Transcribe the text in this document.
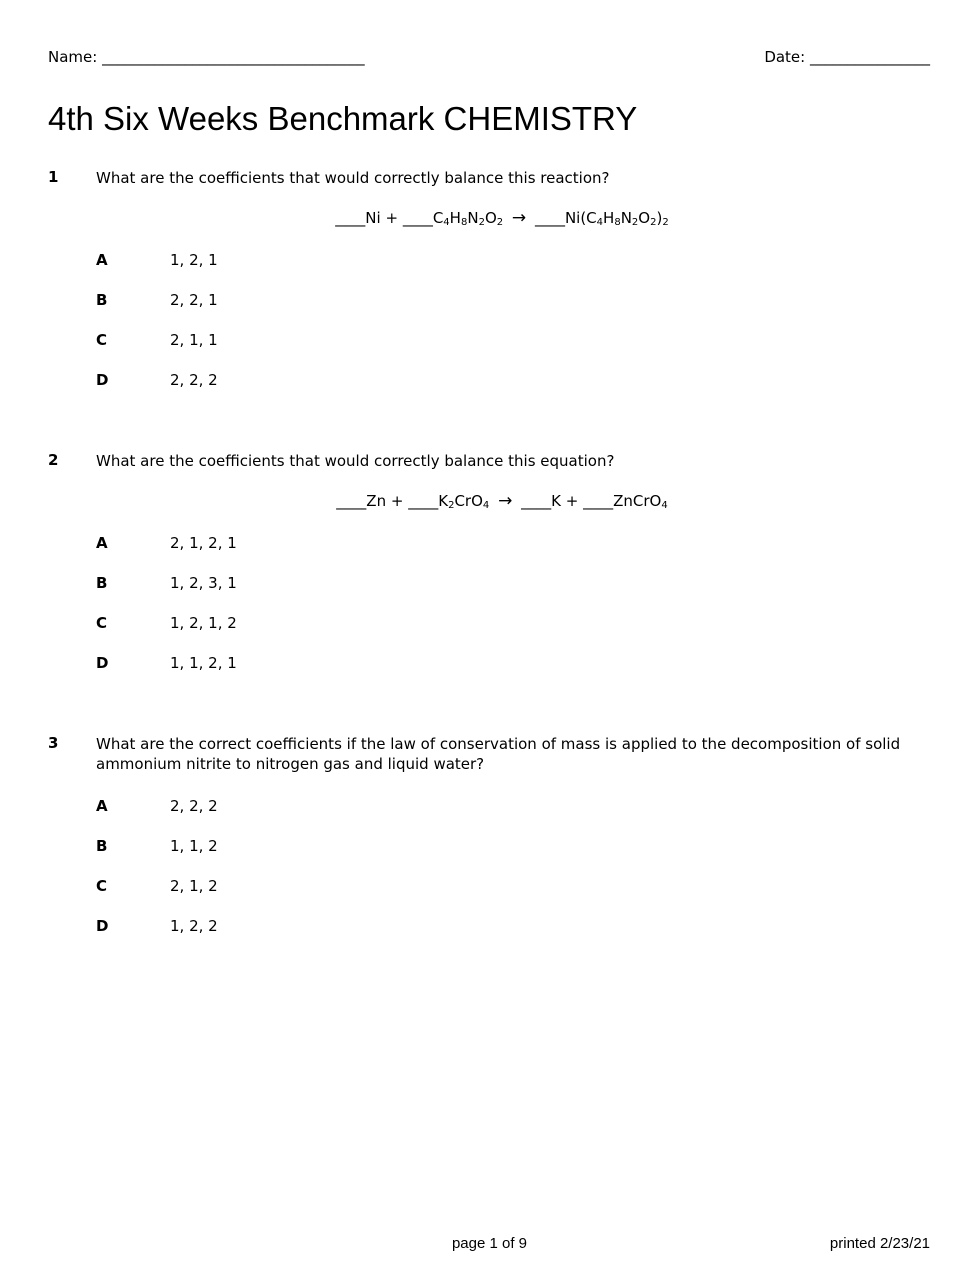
Name: ___________________________________	Date: ________________
4th Six Weeks Benchmark CHEMISTRY
1	What are the coefficients that would correctly balance this reaction?
____Ni + $\_\_\_\_C_4H_8N_2O_2$ → $\_\_\_\_Ni(C_4H_8N_2O_2)_2$
A	1, 2, 1
B	2, 2, 1
C	2, 1, 1
D	2, 2, 2
2	What are the coefficients that would correctly balance this equation?
____Zn + $\_\_\_\_K_2CrO_4$ → ____K + ____ZnCrO$_4$
A	2, 1, 2, 1
B	1, 2, 3, 1
C	1, 2, 1, 2
D	1, 1, 2, 1
3	What are the correct coefficients if the law of conservation of mass is applied to the decomposition of solid ammonium nitrite to nitrogen gas and liquid water?
A	2, 2, 2
B	1, 1, 2
C	2, 1, 2
D	1, 2, 2
page 1 of 9	printed 2/23/21
